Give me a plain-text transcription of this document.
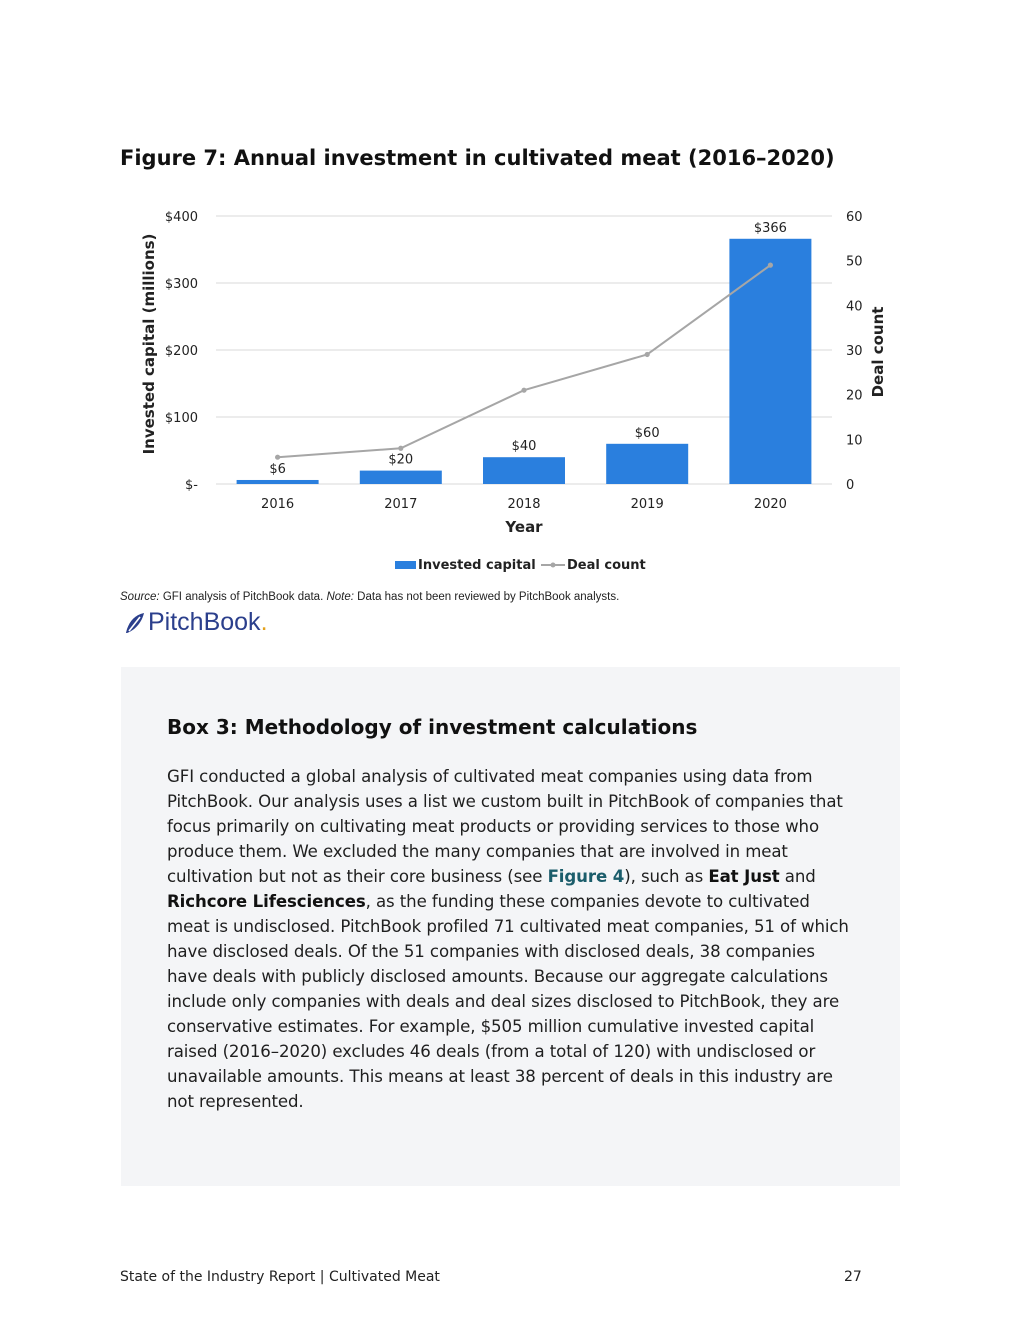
Figure 7: Annual investment in cultivated meat (2016–2020)
$-
$100
$200
$300
$400
0
10
20
30
40
50
60
2016	2017	2018	2019	2020
$6
$20
$40
$60
$366
Invested capital (millions)	Deal count
Year
Invested capital Deal count
Source: GFI analysis of PitchBook data. Note: Data has not been reviewed by PitchBook analysts.
PitchBook .
Box 3: Methodology of investment calculations
GFI conducted a global analysis of cultivated meat companies using data from PitchBook. Our analysis uses a list we custom built in PitchBook of companies that focus primarily on cultivating meat products or providing services to those who produce them. We excluded the many companies that are involved in meat cultivation but not as their core business (see Figure 4), such as Eat Just and Richcore Lifesciences, as the funding these companies devote to cultivated meat is undisclosed. PitchBook profiled 71 cultivated meat companies, 51 of which have disclosed deals. Of the 51 companies with disclosed deals, 38 companies have deals with publicly disclosed amounts. Because our aggregate calculations include only companies with deals and deal sizes disclosed to PitchBook, they are conservative estimates. For example, $505 million cumulative invested capital raised (2016–2020) excludes 46 deals (from a total of 120) with undisclosed or unavailable amounts. This means at least 38 percent of deals in this industry are not represented.
State of the Industry Report | Cultivated Meat	27
